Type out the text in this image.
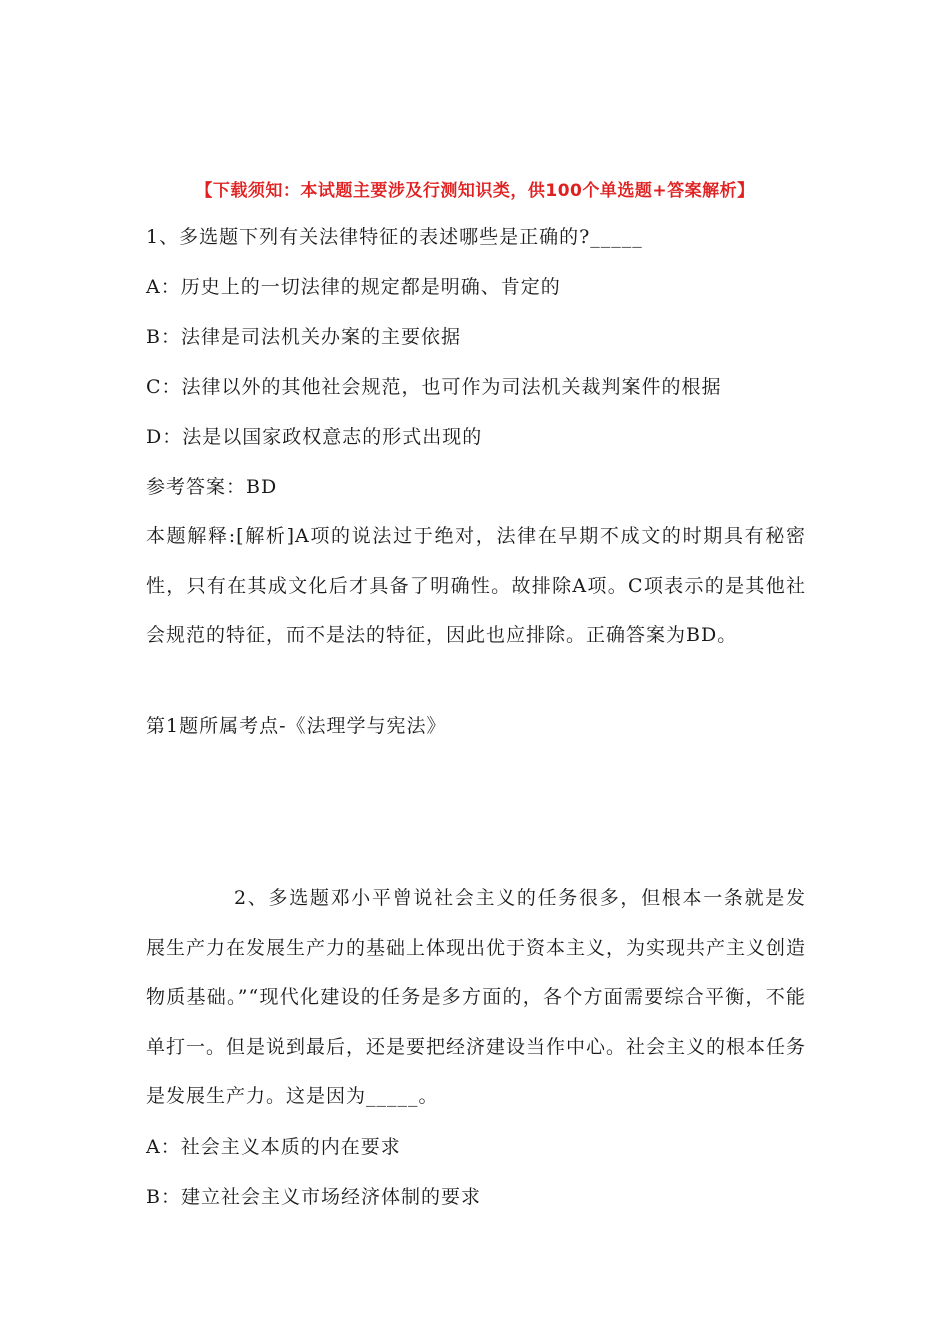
【下载须知：本试题主要涉及行测知识类，供100个单选题+答案解析】
1、多选题下列有关法律特征的表述哪些是正确的?_____
A：历史上的一切法律的规定都是明确、肯定的
B：法律是司法机关办案的主要依据
C：法律以外的其他社会规范，也可作为司法机关裁判案件的根据
D：法是以国家政权意志的形式出现的
参考答案：BD
本题解释:[解析]A项的说法过于绝对，法律在早期不成文的时期具有秘密性，只有在其成文化后才具备了明确性。故排除A项。C项表示的是其他社会规范的特征，而不是法的特征，因此也应排除。正确答案为BD。
第1题所属考点-《法理学与宪法》
2、多选题邓小平曾说社会主义的任务很多，但根本一条就是发展生产力在发展生产力的基础上体现出优于资本主义，为实现共产主义创造物质基础。”“现代化建设的任务是多方面的，各个方面需要综合平衡，不能单打一。但是说到最后，还是要把经济建设当作中心。社会主义的根本任务是发展生产力。这是因为_____。
A：社会主义本质的内在要求
B：建立社会主义市场经济体制的要求
